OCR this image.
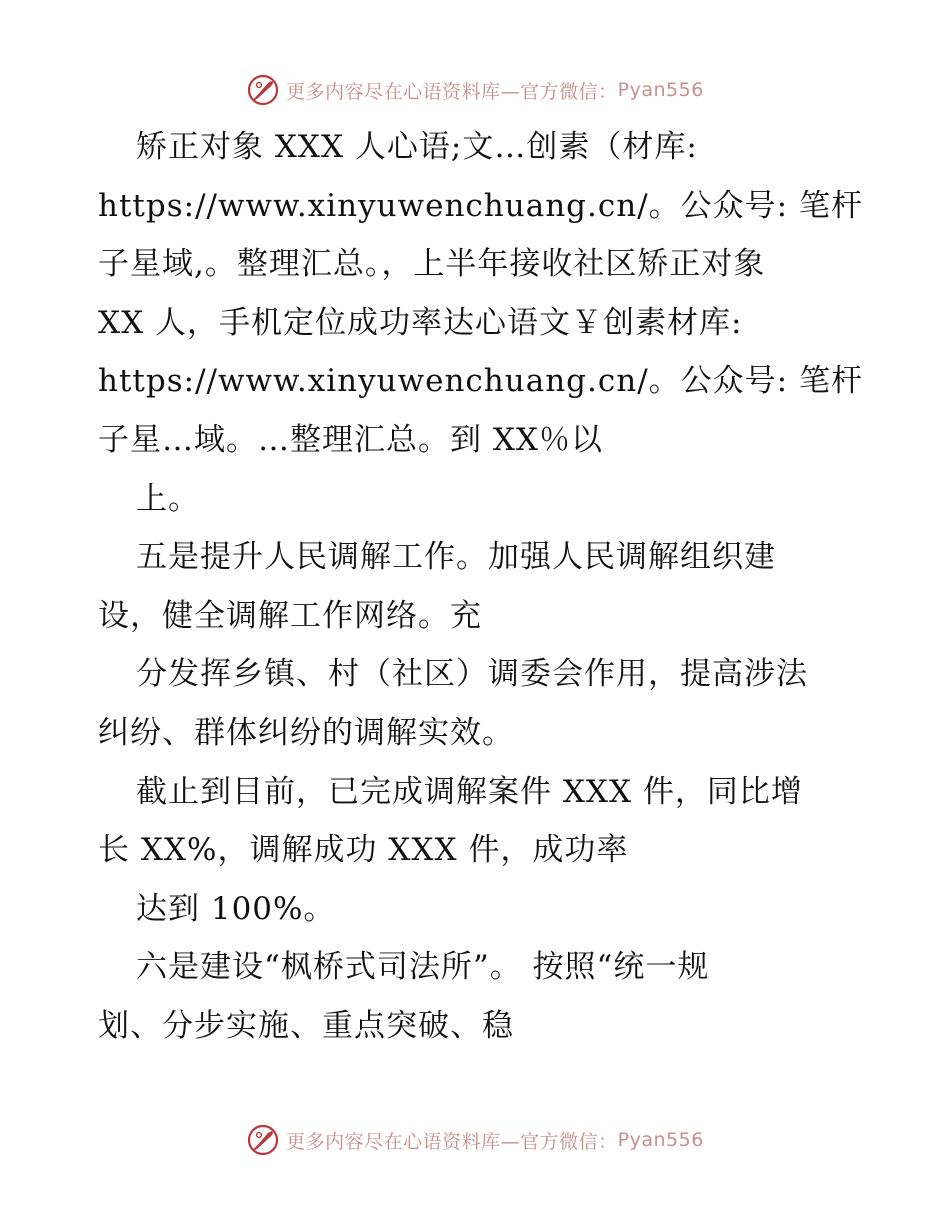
更多内容尽在心语资料库—官方微信： Pyan556
矫正对象 XXX 人心语;文…创素（材库:
https://www.xinyuwenchuang.cn/。公众号: 笔杆
子星域,。整理汇总。，上半年接收社区矫正对象
XX 人，手机定位成功率达心语文￥创素材库:
https://www.xinyuwenchuang.cn/。公众号: 笔杆
子星…域。…整理汇总。到 XX％以
上。
五是提升人民调解工作。加强人民调解组织建
设，健全调解工作网络。充
分发挥乡镇、村（社区）调委会作用，提高涉法
纠纷、群体纠纷的调解实效。
截止到目前，已完成调解案件 XXX 件，同比增
长 XX%，调解成功 XXX 件，成功率
达到 100%。
六是建设“枫桥式司法所”。 按照“统一规
划、分步实施、重点突破、稳
更多内容尽在心语资料库—官方微信： Pyan556
